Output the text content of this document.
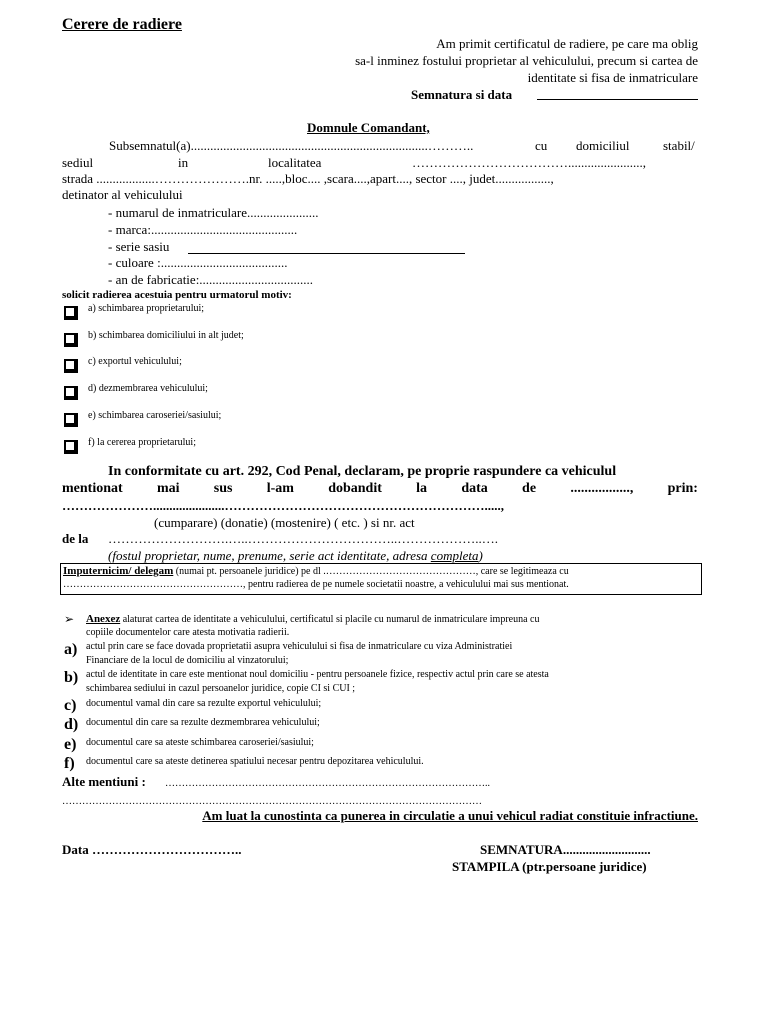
Cerere de radiere
Am primit certificatul de radiere, pe care ma oblig
sa-l inminez fostului proprietar al vehiculului, precum si cartea de
identitate si fisa de inmatriculare
Semnatura si data
Domnule Comandant,
Subsemnatul(a).........................................................................………..	cu domiciliul	stabil/
sediul	in	localitatea	……………………………….......................,
strada ..................………………….nr. .....,bloc.... ,scara....,apart...., sector ...., judet.................,
detinator al vehiculului
- numarul de inmatriculare......................
- marca:.............................................
- serie sasiu
- culoare :.......................................
- an de fabricatie:...................................
solicit radierea acestuia pentru urmatorul motiv:
a) schimbarea proprietarului;
b) schimbarea domiciliului in alt judet;
c) exportul vehiculului;
d) dezmembrarea vehiculului;
e) schimbarea caroseriei/sasiului;
f) la cererea proprietarului;
In conformitate cu art. 292, Cod Penal, declaram, pe proprie raspundere ca vehiculul
mentionat mai sus l-am dobandit la data de ................., prin:
…………………......................…………………………………………………….....,
(cumparare) (donatie) (mostenire) ( etc. ) si nr. act
de la ……………………….…..……………………………..………………..….
(fostul proprietar, nume, prenume, serie act identitate, adresa completa)
Imputernicim/ delegam (numai pt. persoanele juridice) pe dl .………………………………………, care se legitimeaza cu
………………………………………………, pentru radierea de pe numele societatii noastre, a vehiculului mai sus mentionat.
➢ Anexez alaturat cartea de identitate a vehiculului, certificatul si placile cu numarul de inmatriculare impreuna cu
copiile documentelor care atesta motivatia radierii.
a) actul prin care se face dovada proprietatii asupra vehiculului si fisa de inmatriculare cu viza Administratiei
Financiare de la locul de domiciliu al vinzatorului;
b) actul de identitate in care este mentionat noul domiciliu - pentru persoanele fizice, respectiv actul prin care se atesta
schimbarea sediului in cazul persoanelor juridice, copie CI si CUI ;
c) documentul vamal din care sa rezulte exportul vehiculului;
d) documentul din care sa rezulte dezmembrarea vehiculului;
e) documentul care sa ateste schimbarea caroseriei/sasiului;
f) documentul care sa ateste detinerea spatiului necesar pentru depozitarea vehiculului.
Alte mentiuni : ……………………………………………………………………………………..
………………………………………………………………………………………………………………
Am luat la cunostinta ca punerea in circulatie a unui vehicul radiat constituie infractiune.
Data ……………………………..	SEMNATURA...........................
STAMPILA (ptr.persoane juridice)
